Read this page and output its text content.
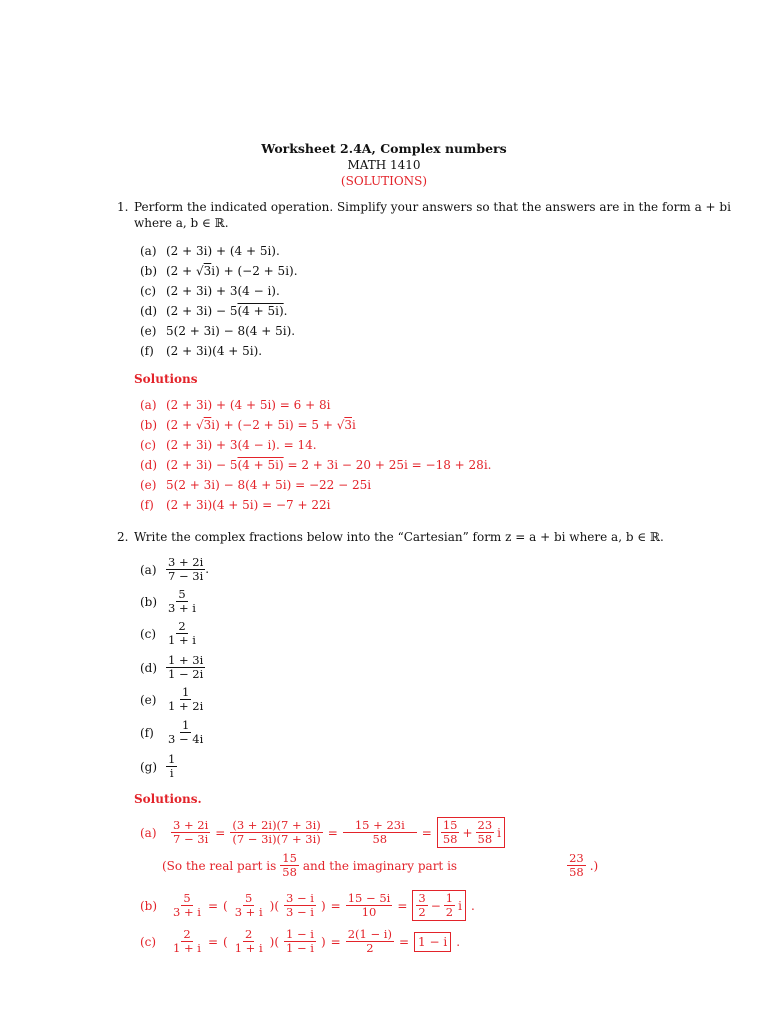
Worksheet 2.4A, Complex numbers
MATH 1410
(SOLUTIONS)
1. Perform the indicated operation. Simplify your answers so that the answers are in the form a + bi
where a, b ∈ ℝ.
(a) (2 + 3i) + (4 + 5i).
(b) (2 + √3i) + (−2 + 5i).
(c) (2 + 3i) + 3(4 − i).
(d) (2 + 3i) − 5(4 + 5i).
(e) 5(2 + 3i) − 8(4 + 5i).
(f) (2 + 3i)(4 + 5i).
Solutions
(a) (2 + 3i) + (4 + 5i) = 6 + 8i
(b) (2 + √3i) + (−2 + 5i) = 5 + √3i
(c) (2 + 3i) + 3(4 − i). = 14.
(d) (2 + 3i) − 5(4 + 5i) = 2 + 3i − 20 + 25i = −18 + 28i.
(e) 5(2 + 3i) − 8(4 + 5i) = −22 − 25i
(f) (2 + 3i)(4 + 5i) = −7 + 22i
2. Write the complex fractions below into the “Cartesian” form z = a + bi where a, b ∈ ℝ.
$(a) \frac{3 + 2i}{7 - 3i}$ .
$(b) \frac{5}{3 + i}$
$(c) \frac{2}{1 + i}$
$(d) \frac{1 + 3i}{1 - 2i}$
$(e) \frac{1}{1 + 2i}$
$(f) \frac{1}{3 - 4i}$
$(g) \frac{1}{i}$
Solutions.
(a)	$\frac{3 + 2i}{7 - 3i} = \frac{(3 + 2i)(7 + 3i)}{(7 - 3i)(7 + 3i)} = \frac{15 + 23i}{58} = \frac{15}{58} + \frac{23}{58}$ i
(So the real part is $\frac{15}{58}$ and the imaginary part is	$\frac{23}{58}$ .)
(b)	$\frac{5}{3 + i}$ = ( $\frac{5}{3 + i}$ )( $\frac{3 - i}{3 - i}$ ) = $\frac{15 - 5i}{10} = \frac{3}{2} - \frac{1}{2}$ i .
(c)	$\frac{2}{1 + i}$ = ( $\frac{2}{1 + i}$ )( $\frac{1 - i}{1 - i}$ ) = $\frac{2(1 - i)}{2} = 1 - i$ .
